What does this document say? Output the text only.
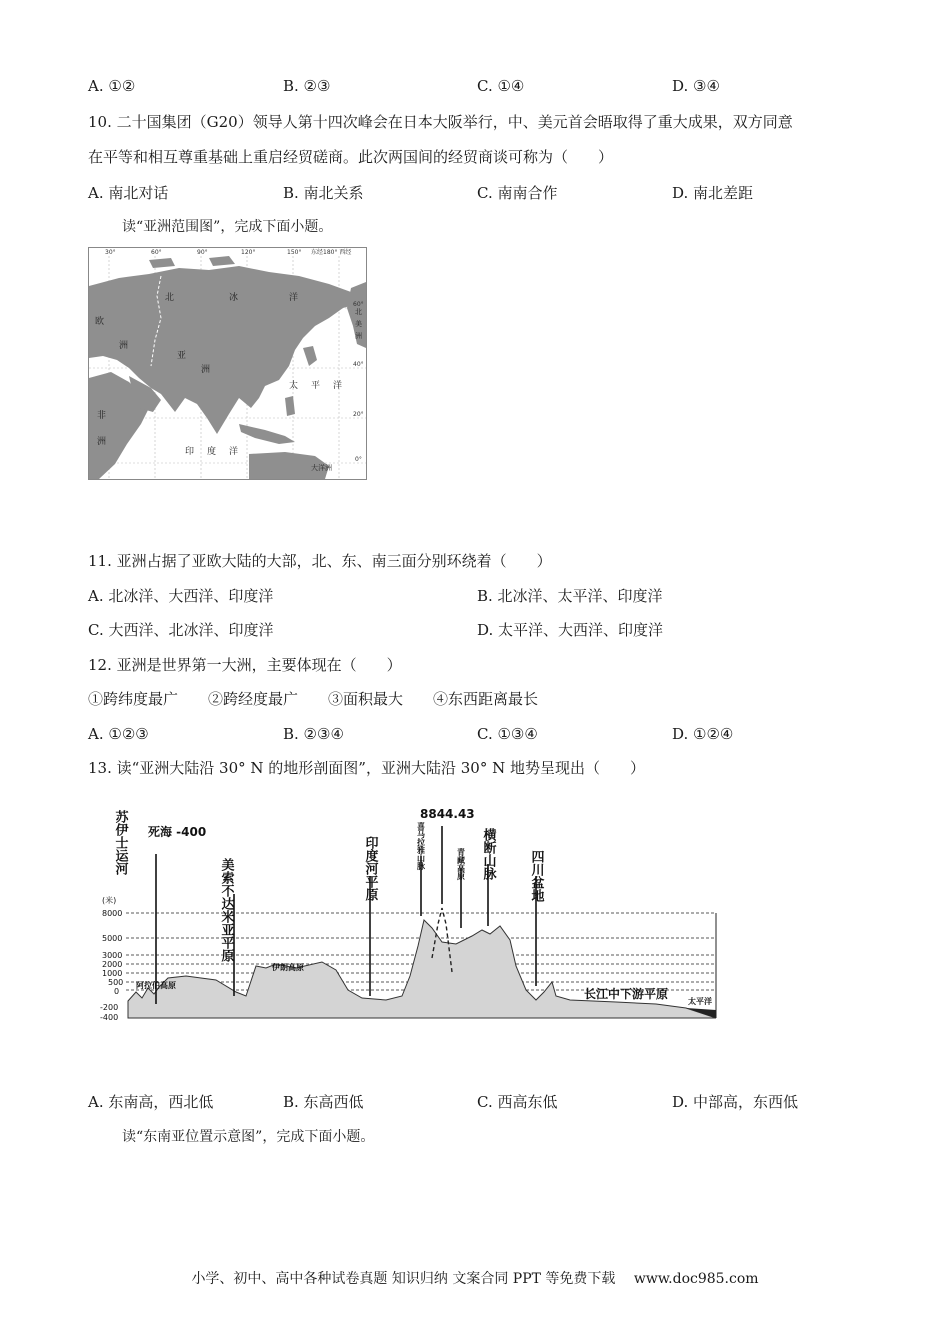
A. ①②	B. ②③	C. ①④	D. ③④
10. 二十国集团（G20）领导人第十四次峰会在日本大阪举行，中、美元首会晤取得了重大成果，双方同意
在平等和相互尊重基础上重启经贸磋商。此次两国间的经贸商谈可称为（　　）
A. 南北对话	B. 南北关系	C. 南南合作	D. 南北差距
读“亚洲范围图”，完成下面小题。
30°	60°	90°	120°	150° 东经180° 西经
60°
40°
20°
0°
北	冰	洋
欧
洲
亚
洲
太 平 洋
非
洲
印 度 洋
北
美
洲
大洋洲
11. 亚洲占据了亚欧大陆的大部，北、东、南三面分别环绕着（　　）
A. 北冰洋、大西洋、印度洋	B. 北冰洋、太平洋、印度洋
C. 大西洋、北冰洋、印度洋	D. 太平洋、大西洋、印度洋
12. 亚洲是世界第一大洲，主要体现在（　　）
①跨纬度最广　　②跨经度最广　　③面积最大　　④东西距离最长
A. ①②③	B. ②③④	C. ①③④	D. ①②④
13. 读“亚洲大陆沿 30° N 的地形剖面图”，亚洲大陆沿 30° N 地势呈现出（　　）
(米)
8000
5000
3000
2000
1000
500
0
-200
-400
8844.43
苏伊士运河
美索不达米亚平原	印度河平原	横断山脉	四川盆地
喜马拉雅山脉	青藏高原
阿拉伯高原
伊朗高原
太平洋
死海 -400
长江中下游平原
A. 东南高，西北低	B. 东高西低	C. 西高东低	D. 中部高，东西低
读“东南亚位置示意图”，完成下面小题。
小学、初中、高中各种试卷真题 知识归纳 文案合同 PPT 等免费下载　 www.doc985.com
